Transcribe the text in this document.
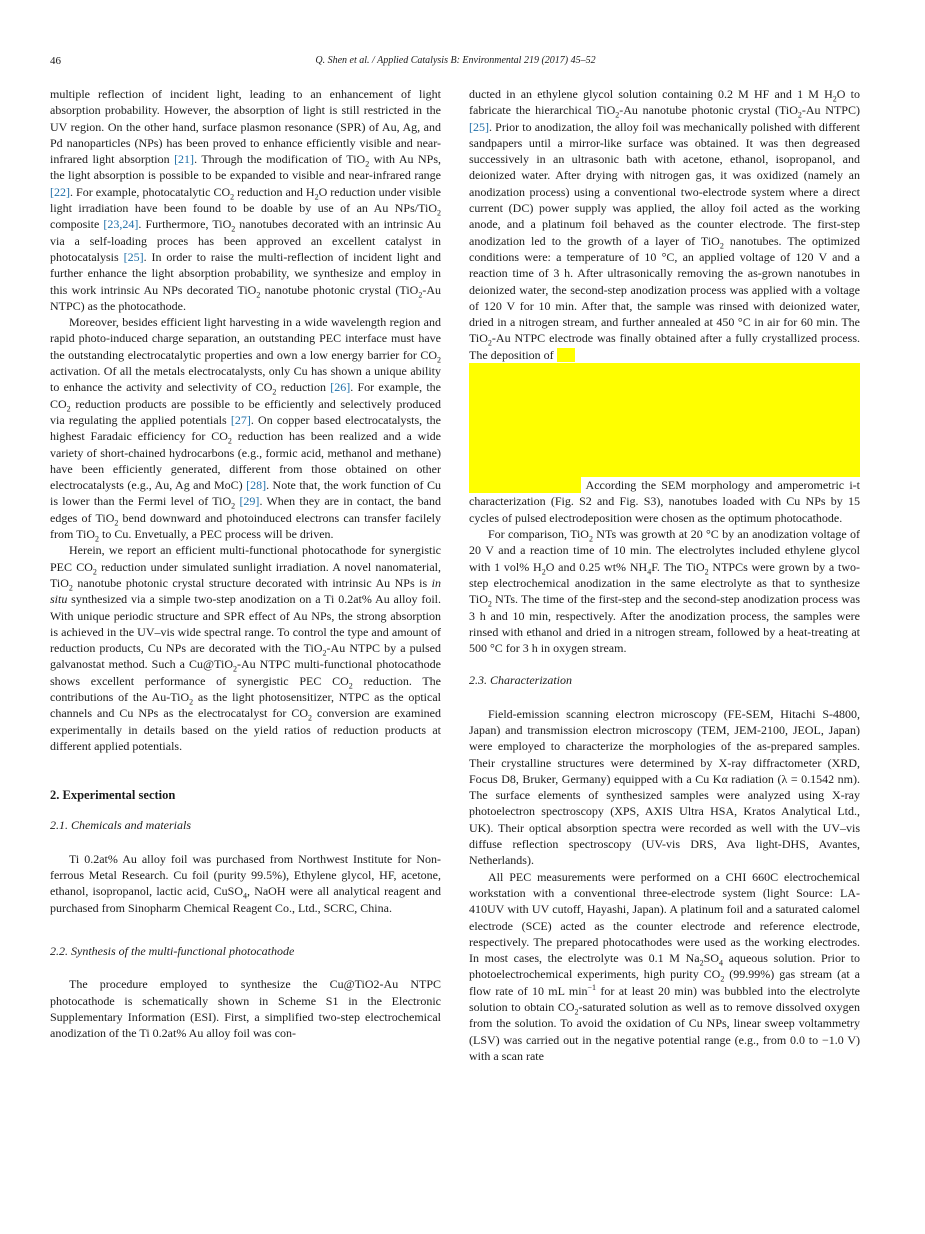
46	Q. Shen et al. / Applied Catalysis B: Environmental 219 (2017) 45–52

multiple reflection of incident light, leading to an enhancement of light absorption probability. However, the absorption of light is still restricted in the UV region. On the other hand, surface plasmon resonance (SPR) of Au, Ag, and Pd nanoparticles (NPs) has been proved to enhance efficiently visible and near-infrared light absorption [21]. Through the modification of TiO$_2$ with Au NPs, the light absorption is possible to be expanded to visible and near-infrared range [22]. For example, photocatalytic $CO_2$ reduction and $H_2O$ reduction under visible light irradiation have been found to be doable by use of an Au NPs/TiO$_2$ composite [23,24]. Furthermore, TiO$_2$ nanotubes decorated with an intrinsic Au via a self-loading proces has been approved an excellent catalyst in photocatalysis [25]. In order to raise the multi-reflection of incident light and further enhance the light absorption probability, we synthesize and employ in this work intrinsic Au NPs decorated TiO$_2$ nanotube photonic crystal (TiO$_2$-Au NTPC) as the photocathode.

Moreover, besides efficient light harvesting in a wide wavelength region and rapid photo-induced charge separation, an outstanding PEC interface must have the outstanding electrocatalytic properties and own a low energy barrier for $CO_2$ activation. Of all the metals electrocatalysts, only Cu has shown a unique ability to enhance the activity and selectivity of $CO_2$ reduction [26]. For example, the $CO_2$ reduction products are possible to be efficiently and selectively produced via regulating the applied potentials [27]. On copper based electrocatalysts, the highest Faradaic efficiency for $CO_2$ reduction has been realized and a wide variety of short-chained hydrocarbons (e.g., formic acid, methanol and methane) have been efficiently generated, different from those obtained on other electrocatalysts (e.g., Au, Ag and MoC) [28]. Note that, the work function of Cu is lower than the Fermi level of TiO$_2$ [29]. When they are in contact, the band edges of TiO$_2$ bend downward and photoinduced electrons can transfer facilely from TiO$_2$ to Cu. Envetually, a PEC process will be driven.

Herein, we report an efficient multi-functional photocathode for synergistic PEC $CO_2$ reduction under simulated sunlight irradiation. A novel nanomaterial, TiO$_2$ nanotube photonic crystal structure decorated with intrinsic Au NPs is in situ synthesized via a simple two-step anodization on a Ti 0.2at% Au alloy foil. With unique periodic structure and SPR effect of Au NPs, the strong absorption is achieved in the UV–vis wide spectral range. To control the type and amount of reduction products, Cu NPs are decorated with the TiO$_2$-Au NTPC by a pulsed galvanostat method. Such a Cu@TiO$_2$-Au NTPC multi-functional photocathode shows excellent performance of synergistic PEC $CO_2$ reduction. The contributions of the Au-TiO$_2$ as the light photosensitizer, NTPC as the optical channels and Cu NPs as the electrocatalyst for $CO_2$ conversion are examined experimentally in details based on the yield ratios of reduction products at different applied potentials.

2. Experimental section
2.1. Chemicals and materials

Ti 0.2at% Au alloy foil was purchased from Northwest Institute for Non-ferrous Metal Research. Cu foil (purity 99.5%), Ethylene glycol, HF, acetone, ethanol, isopropanol, lactic acid, CuSO$_4$, NaOH were all analytical reagent and purchased from Sinopharm Chemical Reagent Co., Ltd., SCRC, China.

2.2. Synthesis of the multi-functional photocathode

The procedure employed to synthesize the Cu@TiO2-Au NTPC photocathode is schematically shown in Scheme S1 in the Electronic Supplementary Information (ESI). First, a simplified two-step electrochemical anodization of the Ti 0.2at% Au alloy foil was con-

ducted in an ethylene glycol solution containing 0.2 M HF and 1 M $H_2O$ to fabricate the hierarchical TiO$_2$-Au nanotube photonic crystal (TiO$_2$-Au NTPC) [25]. Prior to anodization, the alloy foil was mechanically polished with different sandpapers until a mirror-like surface was obtained. It was then degreased successively in an ultrasonic bath with acetone, ethanol, isopropanol, and deionized water. After drying with nitrogen gas, it was oxidized (namely an anodization process) using a conventional two-electrode system where a direct current (DC) power supply was applied, the alloy foil acted as the working anode, and a platinum foil behaved as the counter electrode. The first-step anodization led to the growth of a layer of TiO$_2$ nanotubes. The optimized conditions were: a temperature of 10 °C, an applied voltage of 120 V and a reaction time of 3 h. After ultrasonically removing the as-grown nanotubes in deionized water, the second-step anodization process was applied with a voltage of 120 V for 10 min. After that, the sample was rinsed with deionized water, dried in a nitrogen stream, and further annealed at 450 °C in air for 60 min. The TiO$_2$-Au NTPC electrode was finally obtained after a fully crystallized process. The deposition of   

According the SEM morphology and amperometric i-t characterization (Fig. S2 and Fig. S3), nanotubes loaded with Cu NPs by 15 cycles of pulsed electrodeposition were chosen as the optimum photocathode.

For comparison, TiO$_2$ NTs was growth at 20 °C by an anodization voltage of 20 V and a reaction time of 10 min. The electrolytes included ethylene glycol with 1 vol% $H_2O$ and 0.25 wt% $NH_4F$. The TiO$_2$ NTPCs were grown by a two-step electrochemical anodization in the same electrolyte as that to synthesize TiO$_2$ NTs. The time of the first-step and the second-step anodization process was 3 h and 10 min, respectively. After the anodization process, the samples were rinsed with ethanol and dried in a nitrogen stream, followed by a heat-treating at 500 °C for 3 h in oxygen stream.

2.3. Characterization

Field-emission scanning electron microscopy (FE-SEM, Hitachi S-4800, Japan) and transmission electron microscopy (TEM, JEM-2100, JEOL, Japan) were employed to characterize the morphologies of the as-prepared samples. Their crystalline structures were determined by X-ray diffractometer (XRD, Focus D8, Bruker, Germany) equipped with a Cu Kα radiation (λ = 0.1542 nm). The surface elements of synthesized samples were analyzed using X-ray photoelectron spectroscopy (XPS, AXIS Ultra HSA, Kratos Analytical Ltd., UK). Their optical absorption spectra were recorded as well with the UV–vis diffuse reflection spectroscopy (UV-vis DRS, Ava light-DHS, Avantes, Netherlands).

All PEC measurements were performed on a CHI 660C electrochemical workstation with a conventional three-electrode system (light Source: LA-410UV with UV cutoff, Hayashi, Japan). A platinum foil and a saturated calomel electrode (SCE) acted as the counter electrode and reference electrode, respectively. The prepared photocathodes were used as the working electrodes. In most cases, the electrolyte was 0.1 M $Na_2SO_4$ aqueous solution. Prior to photoelectrochemical experiments, high purity $CO_2$ (99.99%) gas stream (at a flow rate of 10 mL $\min^{-1}$ for at least 20 min) was bubbled into the electrolyte solution to obtain $CO_2$-saturated solution as well as to remove dissolved oxygen from the solution. To avoid the oxidation of Cu NPs, linear sweep voltammetry (LSV) was carried out in the negative potential range (e.g., from 0.0 to −1.0 V) with a scan rate
